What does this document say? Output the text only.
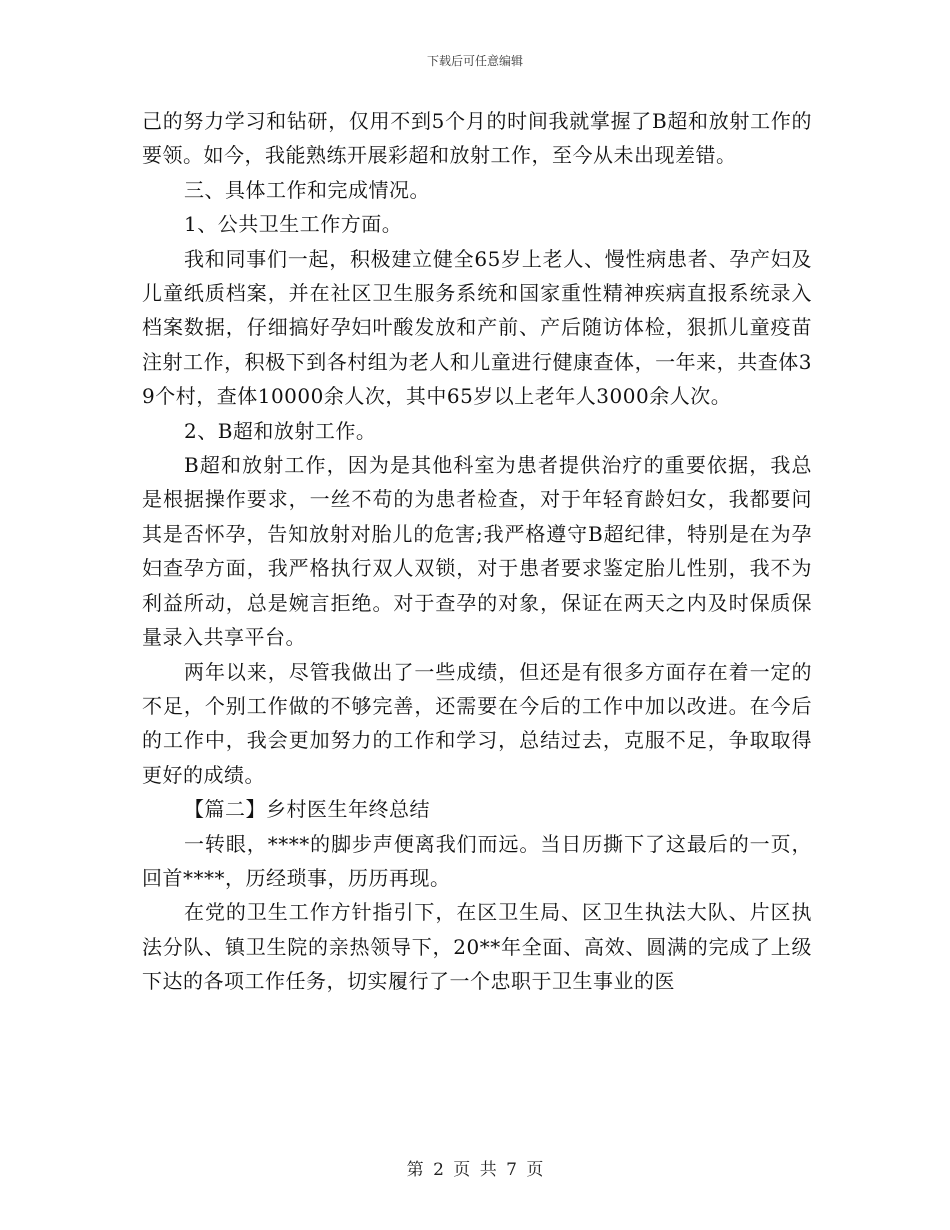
下载后可任意编辑

己的努力学习和钻研，仅用不到5个月的时间我就掌握了B超和放射工作的要领。如今，我能熟练开展彩超和放射工作，至今从未出现差错。

三、具体工作和完成情况。

1、公共卫生工作方面。

我和同事们一起，积极建立健全65岁上老人、慢性病患者、孕产妇及儿童纸质档案，并在社区卫生服务系统和国家重性精神疾病直报系统录入档案数据，仔细搞好孕妇叶酸发放和产前、产后随访体检，狠抓儿童疫苗注射工作，积极下到各村组为老人和儿童进行健康查体，一年来，共查体39个村，查体10000余人次，其中65岁以上老年人3000余人次。

2、B超和放射工作。

B超和放射工作，因为是其他科室为患者提供治疗的重要依据，我总是根据操作要求，一丝不苟的为患者检查，对于年轻育龄妇女，我都要问其是否怀孕，告知放射对胎儿的危害;我严格遵守B超纪律，特别是在为孕妇查孕方面，我严格执行双人双锁，对于患者要求鉴定胎儿性别，我不为利益所动，总是婉言拒绝。对于查孕的对象，保证在两天之内及时保质保量录入共享平台。

两年以来，尽管我做出了一些成绩，但还是有很多方面存在着一定的不足，个别工作做的不够完善，还需要在今后的工作中加以改进。在今后的工作中，我会更加努力的工作和学习，总结过去，克服不足，争取取得更好的成绩。

【篇二】乡村医生年终总结

一转眼，****的脚步声便离我们而远。当日历撕下了这最后的一页，回首****，历经琐事，历历再现。

在党的卫生工作方针指引下，在区卫生局、区卫生执法大队、片区执法分队、镇卫生院的亲热领导下，20**年全面、高效、圆满的完成了上级下达的各项工作任务，切实履行了一个忠职于卫生事业的医

第 2 页 共 7 页
